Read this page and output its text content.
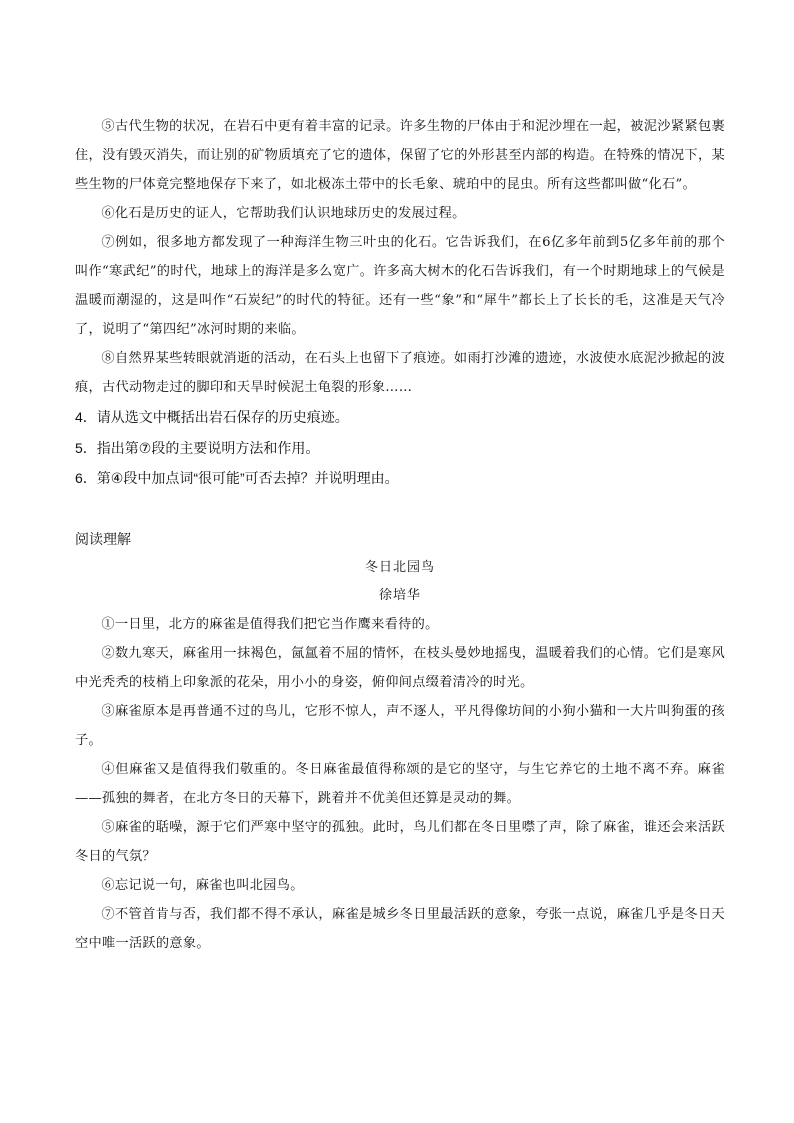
⑤古代生物的状况，在岩石中更有着丰富的记录。许多生物的尸体由于和泥沙埋在一起，被泥沙紧紧包裹住，没有毁灭消失，而让别的矿物质填充了它的遗体，保留了它的外形甚至内部的构造。在特殊的情况下，某些生物的尸体竟完整地保存下来了，如北极冻土带中的长毛象、琥珀中的昆虫。所有这些都叫做“化石”。

⑥化石是历史的证人，它帮助我们认识地球历史的发展过程。

⑦例如，很多地方都发现了一种海洋生物三叶虫的化石。它告诉我们，在6亿多年前到5亿多年前的那个叫作“寒武纪”的时代，地球上的海洋是多么宽广。许多高大树木的化石告诉我们，有一个时期地球上的气候是温暖而潮湿的，这是叫作“石炭纪”的时代的特征。还有一些“象”和“犀牛”都长上了长长的毛，这准是天气冷了，说明了“第四纪”冰河时期的来临。

⑧自然界某些转眼就消逝的活动，在石头上也留下了痕迹。如雨打沙滩的遗迹，水波使水底泥沙掀起的波痕，古代动物走过的脚印和天旱时候泥土龟裂的形象……

4．请从选文中概括出岩石保存的历史痕迹。

5．指出第⑦段的主要说明方法和作用。

6．第④段中加点词“很可能”可否去掉？并说明理由。

阅读理解

冬日北园鸟

徐培华

①一日里，北方的麻雀是值得我们把它当作鹰来看待的。

②数九寒天，麻雀用一抹褐色，氤氲着不屈的情怀，在枝头曼妙地摇曳，温暖着我们的心情。它们是寒风中光秃秃的枝梢上印象派的花朵，用小小的身姿，俯仰间点缀着清冷的时光。

③麻雀原本是再普通不过的鸟儿，它形不惊人，声不逐人，平凡得像坊间的小狗小猫和一大片叫狗蛋的孩子。

④但麻雀又是值得我们敬重的。冬日麻雀最值得称颂的是它的坚守，与生它养它的土地不离不弃。麻雀——孤独的舞者，在北方冬日的天幕下，跳着并不优美但还算是灵动的舞。

⑤麻雀的聒噪，源于它们严寒中坚守的孤独。此时，鸟儿们都在冬日里噤了声，除了麻雀，谁还会来活跃冬日的气氛？

⑥忘记说一句，麻雀也叫北园鸟。

⑦不管首肯与否，我们都不得不承认，麻雀是城乡冬日里最活跃的意象，夸张一点说，麻雀几乎是冬日天空中唯一活跃的意象。
